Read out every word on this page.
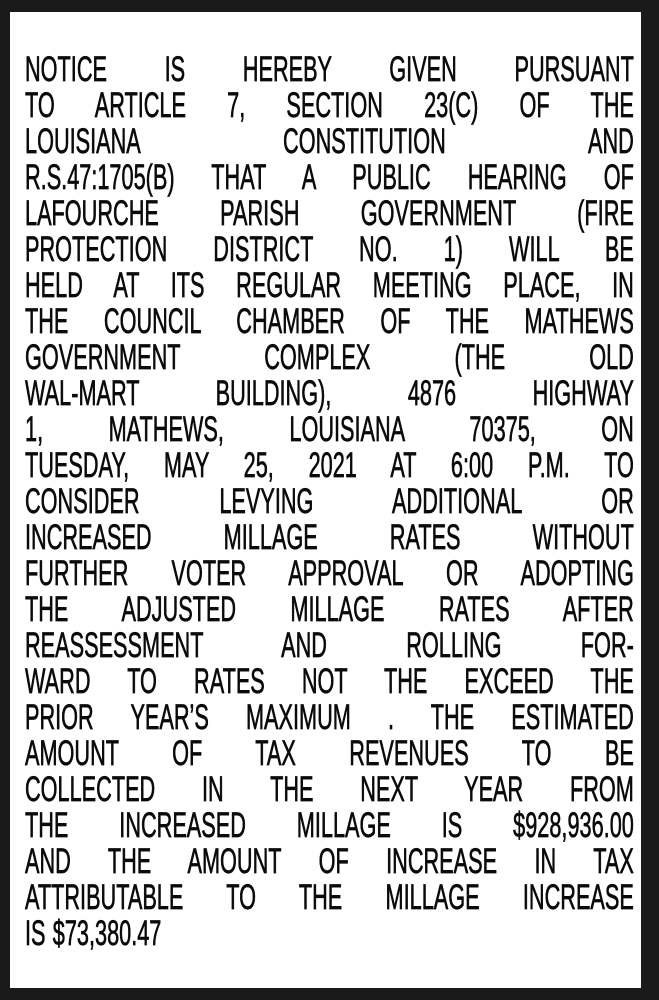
NOTICE IS HEREBY GIVEN PURSUANT
TO ARTICLE 7, SECTION 23(C) OF THE
LOUISIANA CONSTITUTION AND
R.S.47:1705(B) THAT A PUBLIC HEARING OF
LAFOURCHE PARISH GOVERNMENT (FIRE
PROTECTION DISTRICT NO. 1) WILL BE
HELD AT ITS REGULAR MEETING PLACE, IN
THE COUNCIL CHAMBER OF THE MATHEWS
GOVERNMENT COMPLEX (THE OLD
WAL-MART BUILDING), 4876 HIGHWAY
1, MATHEWS, LOUISIANA 70375, ON
TUESDAY, MAY 25, 2021 AT 6:00 P.M. TO
CONSIDER LEVYING ADDITIONAL OR
INCREASED MILLAGE RATES WITHOUT
FURTHER VOTER APPROVAL OR ADOPTING
THE ADJUSTED MILLAGE RATES AFTER
REASSESSMENT AND ROLLING FOR-
WARD TO RATES NOT THE EXCEED THE
PRIOR YEAR’S MAXIMUM . THE ESTIMATED
AMOUNT OF TAX REVENUES TO BE
COLLECTED IN THE NEXT YEAR FROM
THE INCREASED MILLAGE IS $928,936.00
AND THE AMOUNT OF INCREASE IN TAX
ATTRIBUTABLE TO THE MILLAGE INCREASE
IS $73,380.47
